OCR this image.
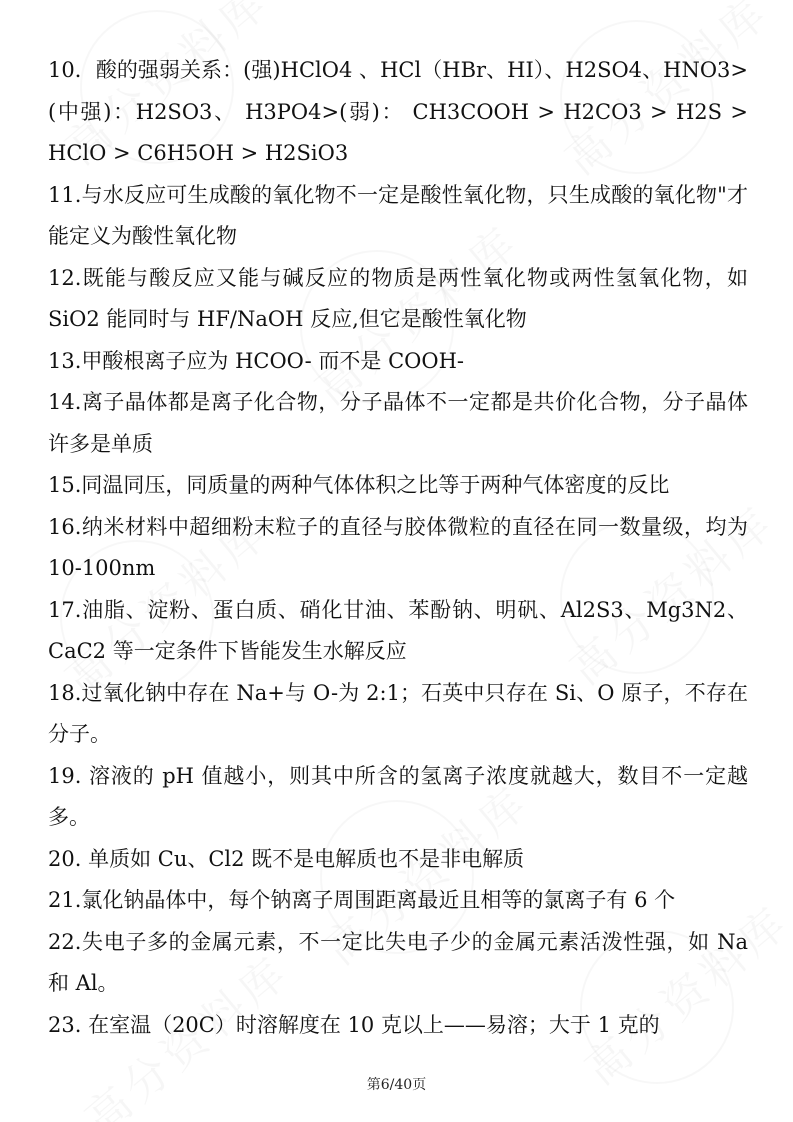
10．酸的强弱关系：(强)HClO4 、HCl（HBr、HI）、H2SO4、HNO3>(中强)：H2SO3、 H3PO4>(弱)： CH3COOH > H2CO3 > H2S > HClO > C6H5OH > H2SiO3

11.与水反应可生成酸的氧化物不一定是酸性氧化物，只生成酸的氧化物"才能定义为酸性氧化物

12.既能与酸反应又能与碱反应的物质是两性氧化物或两性氢氧化物，如 SiO2 能同时与 HF/NaOH 反应,但它是酸性氧化物

13.甲酸根离子应为 HCOO- 而不是 COOH-

14.离子晶体都是离子化合物，分子晶体不一定都是共价化合物，分子晶体许多是单质

15.同温同压，同质量的两种气体体积之比等于两种气体密度的反比

16.纳米材料中超细粉末粒子的直径与胶体微粒的直径在同一数量级，均为 10-100nm

17.油脂、淀粉、蛋白质、硝化甘油、苯酚钠、明矾、Al2S3、Mg3N2、CaC2 等一定条件下皆能发生水解反应

18.过氧化钠中存在 Na+与 O-为 2:1；石英中只存在 Si、O 原子，不存在分子。

19. 溶液的 pH 值越小，则其中所含的氢离子浓度就越大，数目不一定越多。

20. 单质如 Cu、Cl2 既不是电解质也不是非电解质

21.氯化钠晶体中，每个钠离子周围距离最近且相等的氯离子有 6 个

22.失电子多的金属元素，不一定比失电子少的金属元素活泼性强，如 Na 和 Al。

23. 在室温（20C）时溶解度在 10 克以上——易溶；大于 1 克的

第6/40页
